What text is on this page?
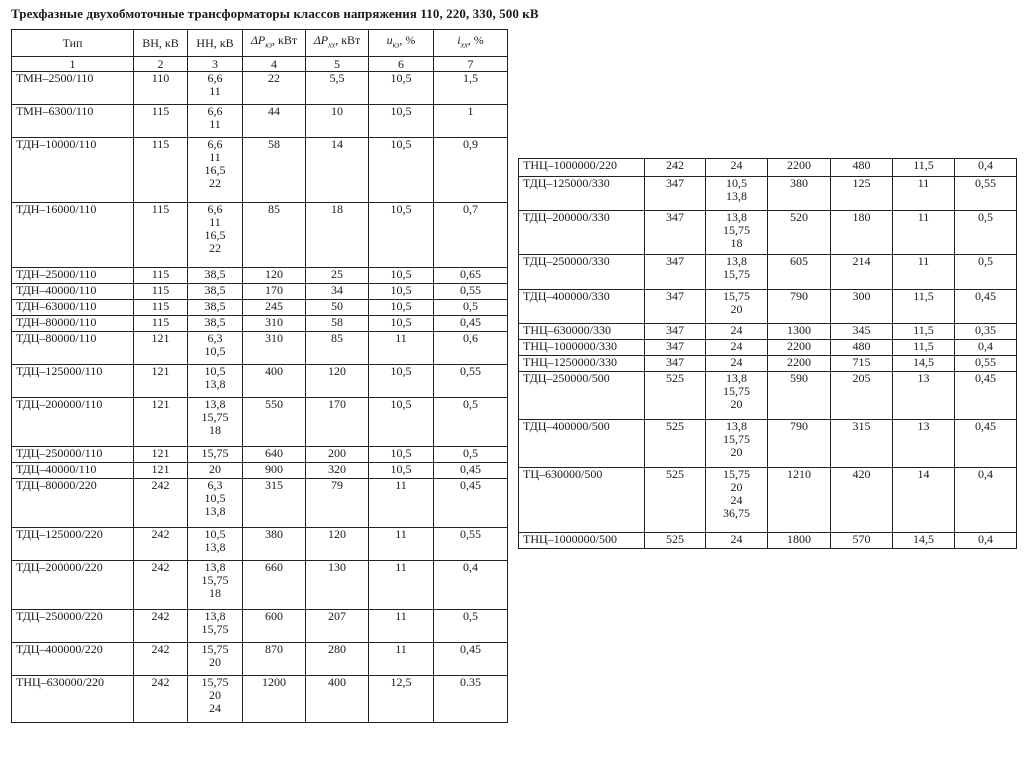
Трехфазные двухобмоточные трансформаторы классов напряжения 110, 220, 330, 500 кВ
Тип	ВН, кВ	НН, кВ	$\Delta P_{кз}$, кВт	$\Delta P_{хх}$, кВт	$u_{кз}$, %	$i_{хх}$, %
1	2	3	4	5	6	7
ТМН–2500/110	110	6,6
11	22	5,5	10,5	1,5
ТМН–6300/110	115	6,6
11	44	10	10,5	1
ТДН–10000/110	115	6,6
11
16,5
22	58	14	10,5	0,9
ТДН–16000/110	115	6,6
11
16,5
22	85	18	10,5	0,7
ТДН–25000/110	115	38,5	120	25	10,5	0,65
ТДН–40000/110	115	38,5	170	34	10,5	0,55
ТДН–63000/110	115	38,5	245	50	10,5	0,5
ТДН–80000/110	115	38,5	310	58	10,5	0,45
ТДЦ–80000/110	121	6,3
10,5	310	85	11	0,6
ТДЦ–125000/110	121	10,5
13,8	400	120	10,5	0,55
ТДЦ–200000/110	121	13,8
15,75
18	550	170	10,5	0,5
ТДЦ–250000/110	121	15,75	640	200	10,5	0,5
ТДЦ–40000/110	121	20	900	320	10,5	0,45
ТДЦ–80000/220	242	6,3
10,5
13,8	315	79	11	0,45
ТДЦ–125000/220	242	10,5
13,8	380	120	11	0,55
ТДЦ–200000/220	242	13,8
15,75
18	660	130	11	0,4
ТДЦ–250000/220	242	13,8
15,75	600	207	11	0,5
ТДЦ–400000/220	242	15,75
20	870	280	11	0,45
ТНЦ–630000/220	242	15,75
20
24	1200	400	12,5	0.35
ТНЦ–1000000/220	242	24	2200	480	11,5	0,4
ТДЦ–125000/330	347	10,5
13,8	380	125	11	0,55
ТДЦ–200000/330	347	13,8
15,75
18	520	180	11	0,5
ТДЦ–250000/330	347	13,8
15,75	605	214	11	0,5
ТДЦ–400000/330	347	15,75
20	790	300	11,5	0,45
ТНЦ–630000/330	347	24	1300	345	11,5	0,35
ТНЦ–1000000/330	347	24	2200	480	11,5	0,4
ТНЦ–1250000/330	347	24	2200	715	14,5	0,55
ТДЦ–250000/500	525	13,8
15,75
20	590	205	13	0,45
ТДЦ–400000/500	525	13,8
15,75
20	790	315	13	0,45
ТЦ–630000/500	525	15,75
20
24
36,75	1210	420	14	0,4
ТНЦ–1000000/500	525	24	1800	570	14,5	0,4
